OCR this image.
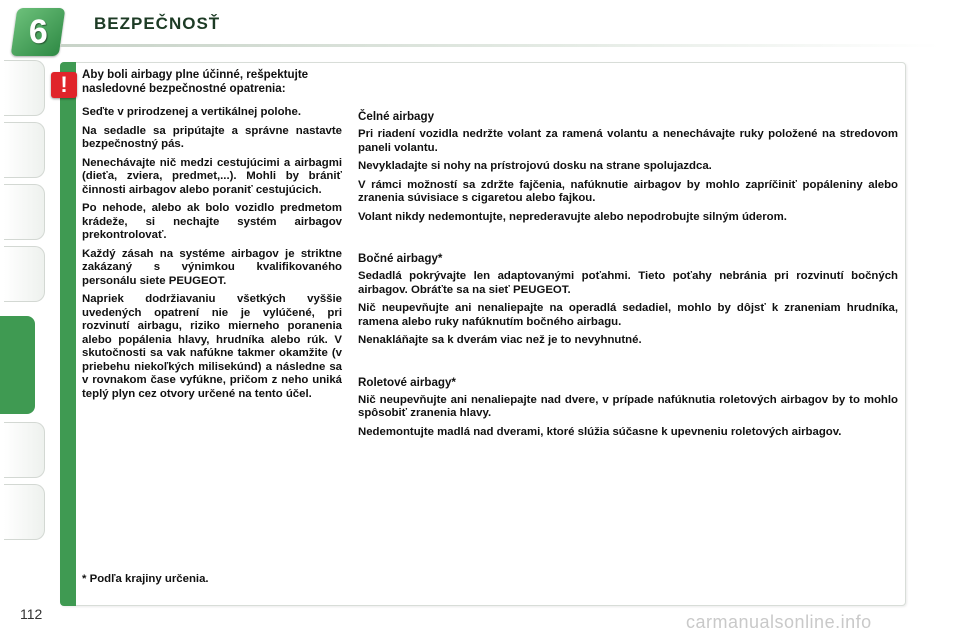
6	BEZPEČNOSŤ
!	Aby boli airbagy plne účinné, rešpektujte nasledovné bezpečnostné opatrenia:

Seďte v prirodzenej a vertikálnej polohe.

Na sedadle sa pripútajte a správne nastavte bezpečnostný pás.

Nenechávajte nič medzi cestujúcimi a airbagmi (dieťa, zviera, predmet,...). Mohli by brániť činnosti airbagov alebo poraniť cestujúcich.

Po nehode, alebo ak bolo vozidlo predmetom krádeže, si nechajte systém airbagov prekontrolovať.

Každý zásah na systéme airbagov je striktne zakázaný s výnimkou kvalifikovaného personálu siete PEUGEOT.

Napriek dodržiavaniu všetkých vyššie uvedených opatrení nie je vylúčené, pri rozvinutí airbagu, riziko mierneho poranenia alebo popálenia hlavy, hrudníka alebo rúk. V skutočnosti sa vak nafúkne takmer okamžite (v priebehu niekoľkých milisekúnd) a následne sa v rovnakom čase vyfúkne, pričom z neho uniká teplý plyn cez otvory určené na tento účel.

Čelné airbagy

Pri riadení vozidla nedržte volant za ramená volantu a nenechávajte ruky položené na stredovom paneli volantu.

Nevykladajte si nohy na prístrojovú dosku na strane spolujazdca.

V rámci možností sa zdržte fajčenia, nafúknutie airbagov by mohlo zapríčiniť popáleniny alebo zranenia súvisiace s cigaretou alebo fajkou.

Volant nikdy nedemontujte, neprederavujte alebo nepodrobujte silným úderom.

Bočné airbagy*

Sedadlá pokrývajte len adaptovanými poťahmi. Tieto poťahy nebránia pri rozvinutí bočných airbagov. Obráťte sa na sieť PEUGEOT.

Nič neupevňujte ani nenaliepajte na operadlá sedadiel, mohlo by dôjsť k zraneniam hrudníka, ramena alebo ruky nafúknutím bočného airbagu.

Nenakláňajte sa k dverám viac než je to nevyhnutné.

Roletové airbagy*

Nič neupevňujte ani nenaliepajte nad dvere, v prípade nafúknutia roletových airbagov by to mohlo spôsobiť zranenia hlavy.

Nedemontujte madlá nad dverami, ktoré slúžia súčasne k upevneniu roletových airbagov.

* Podľa krajiny určenia.
112	carmanualsonline.info
